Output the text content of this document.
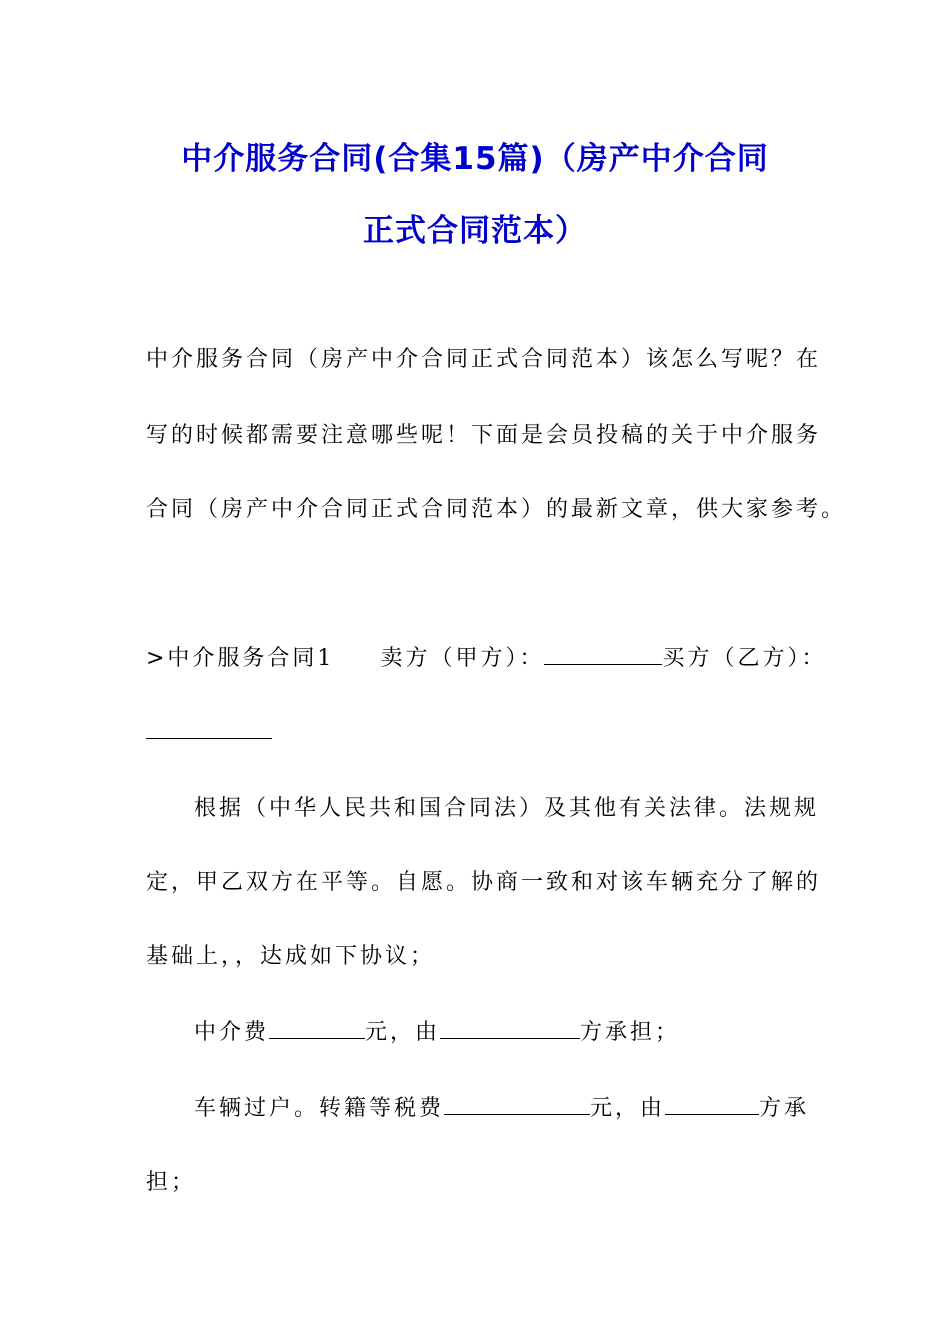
中介服务合同(合集15篇)（房产中介合同
正式合同范本）
中介服务合同（房产中介合同正式合同范本）该怎么写呢？在
写的时候都需要注意哪些呢！下面是会员投稿的关于中介服务
合同（房产中介合同正式合同范本）的最新文章，供大家参考。
>中介服务合同1 卖方（甲方）：	买方（乙方）：
根据（中华人民共和国合同法）及其他有关法律。法规规
定，甲乙双方在平等。自愿。协商一致和对该车辆充分了解的
基础上，，达成如下协议；
中介费	元，由	方承担；
车辆过户。转籍等税费	元，由	方承
担；
